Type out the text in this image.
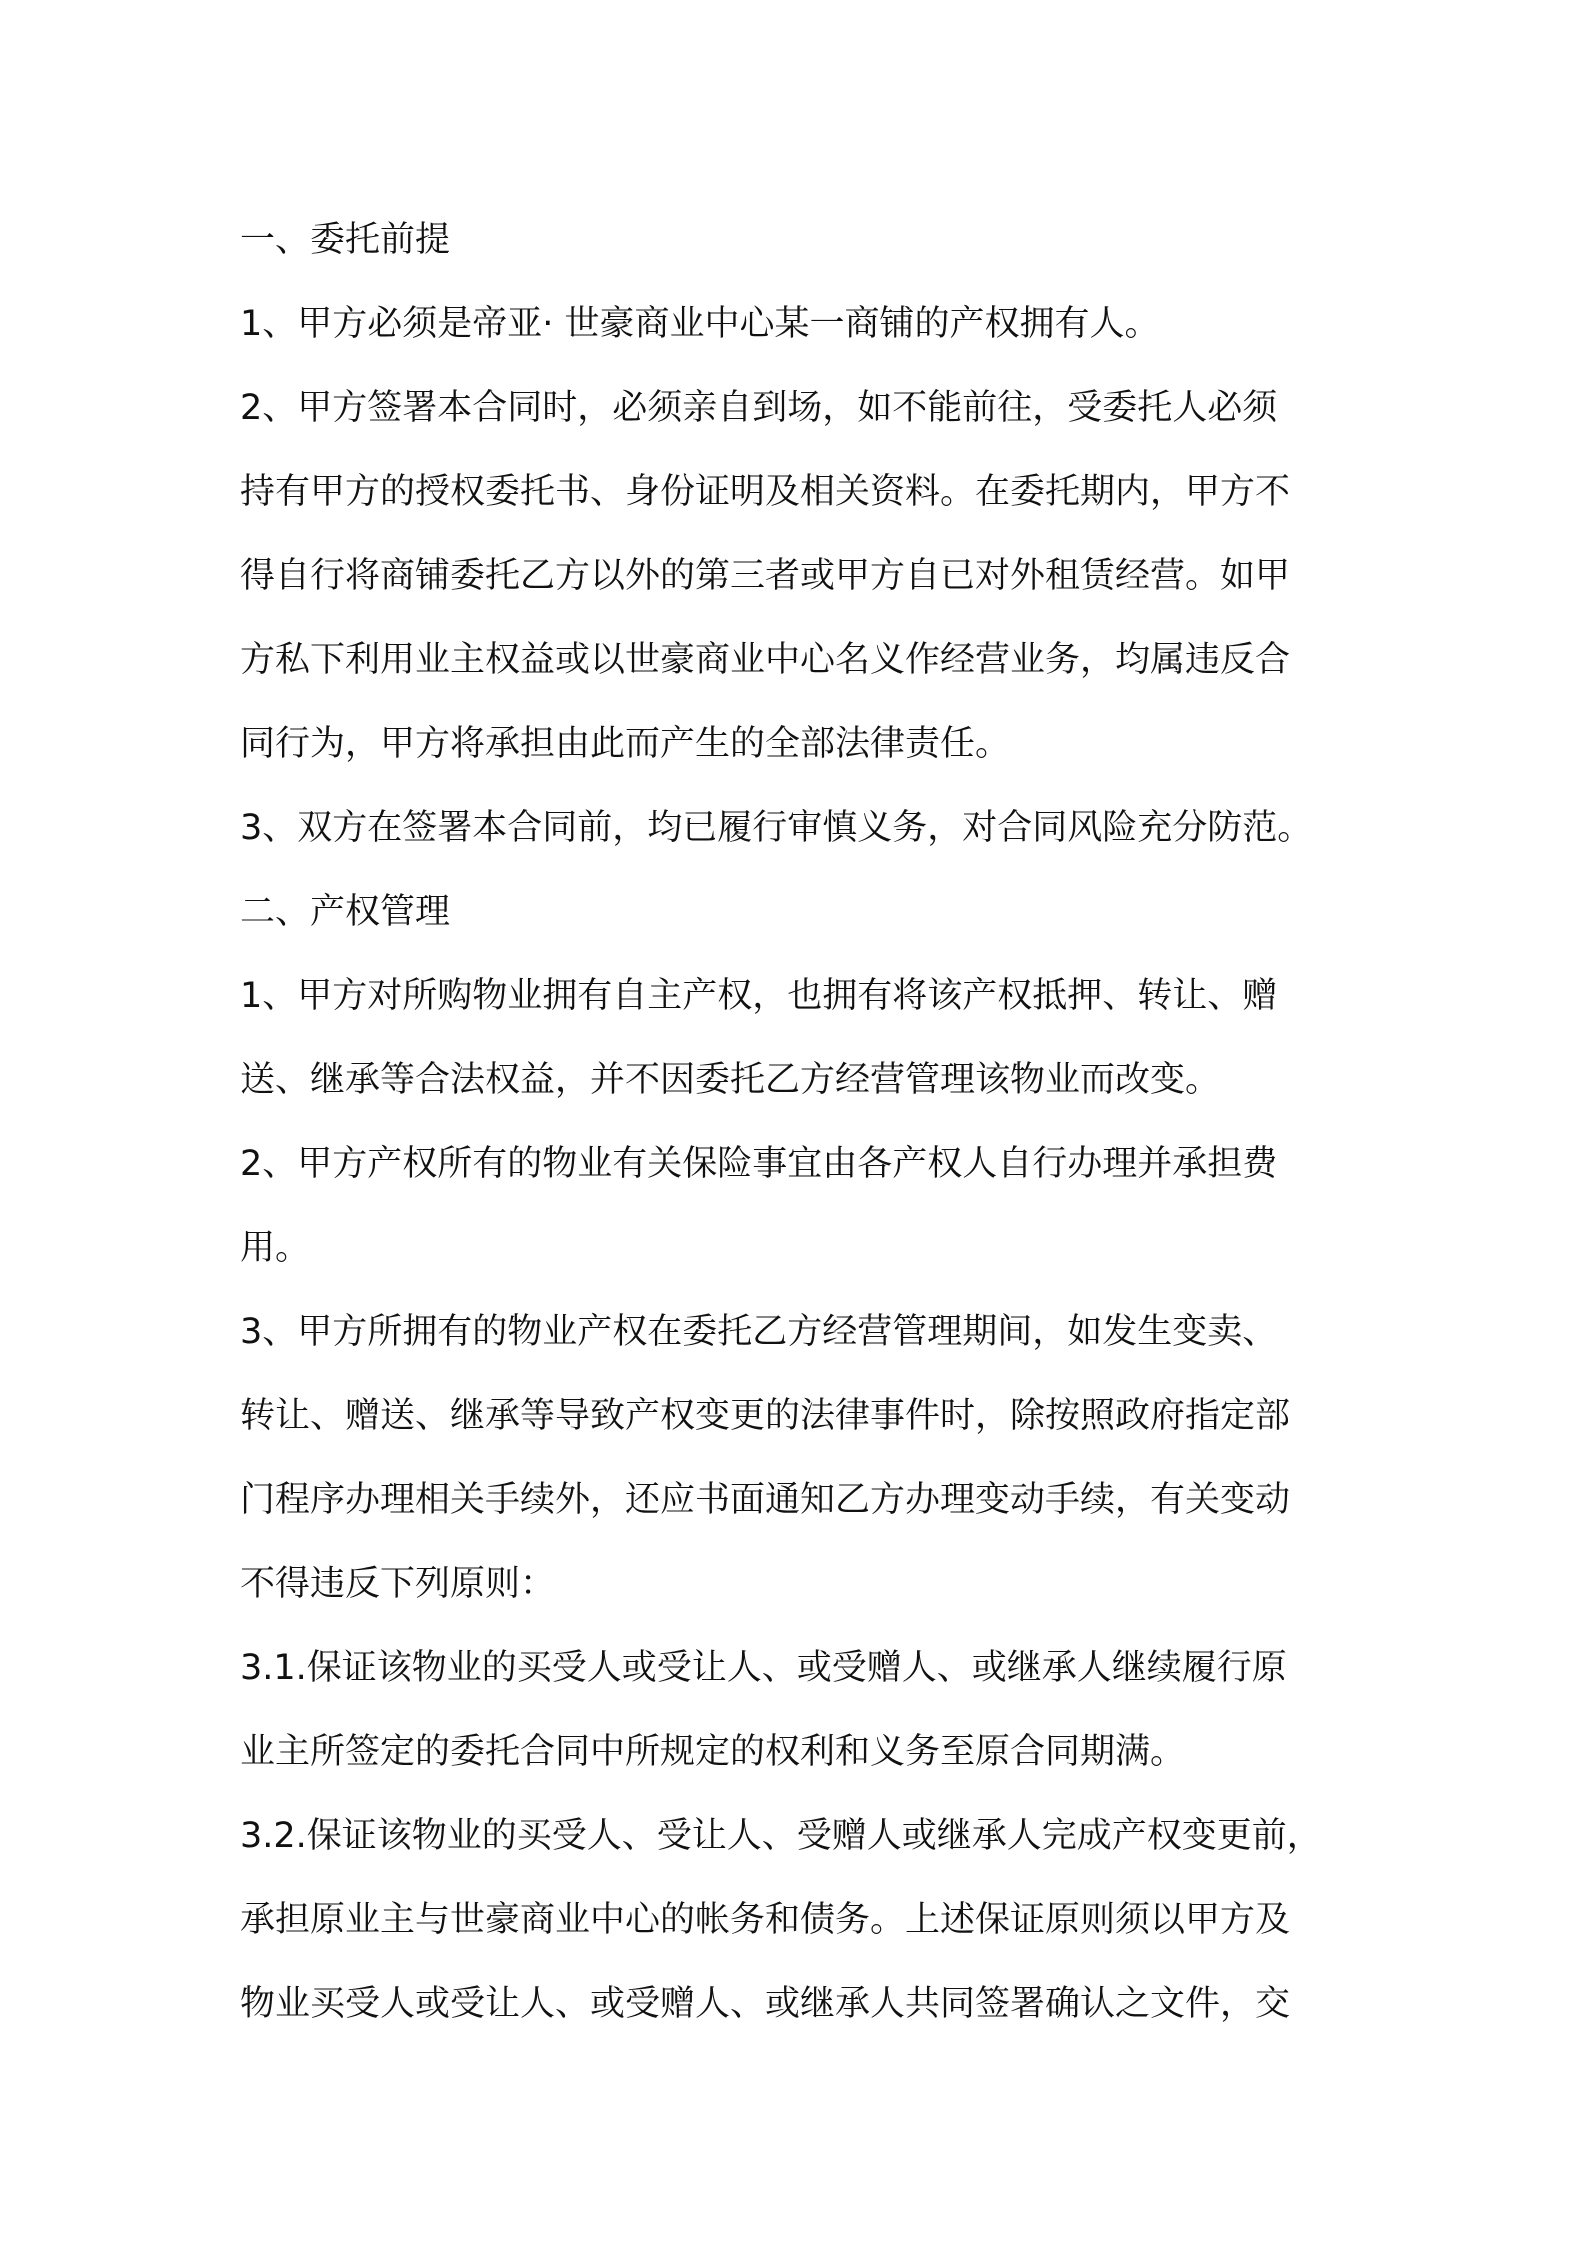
一、委托前提
1、甲方必须是帝亚· 世豪商业中心某一商铺的产权拥有人。
2、甲方签署本合同时，必须亲自到场，如不能前往，受委托人必须
持有甲方的授权委托书、身份证明及相关资料。在委托期内，甲方不
得自行将商铺委托乙方以外的第三者或甲方自已对外租赁经营。如甲
方私下利用业主权益或以世豪商业中心名义作经营业务，均属违反合
同行为，甲方将承担由此而产生的全部法律责任。
3、双方在签署本合同前，均已履行审慎义务，对合同风险充分防范。
二、产权管理
1、甲方对所购物业拥有自主产权，也拥有将该产权抵押、转让、赠
送、继承等合法权益，并不因委托乙方经营管理该物业而改变。
2、甲方产权所有的物业有关保险事宜由各产权人自行办理并承担费
用。
3、甲方所拥有的物业产权在委托乙方经营管理期间，如发生变卖、
转让、赠送、继承等导致产权变更的法律事件时，除按照政府指定部
门程序办理相关手续外，还应书面通知乙方办理变动手续，有关变动
不得违反下列原则：
3.1.保证该物业的买受人或受让人、或受赠人、或继承人继续履行原
业主所签定的委托合同中所规定的权利和义务至原合同期满。
3.2.保证该物业的买受人、受让人、受赠人或继承人完成产权变更前，
承担原业主与世豪商业中心的帐务和债务。上述保证原则须以甲方及
物业买受人或受让人、或受赠人、或继承人共同签署确认之文件，交
